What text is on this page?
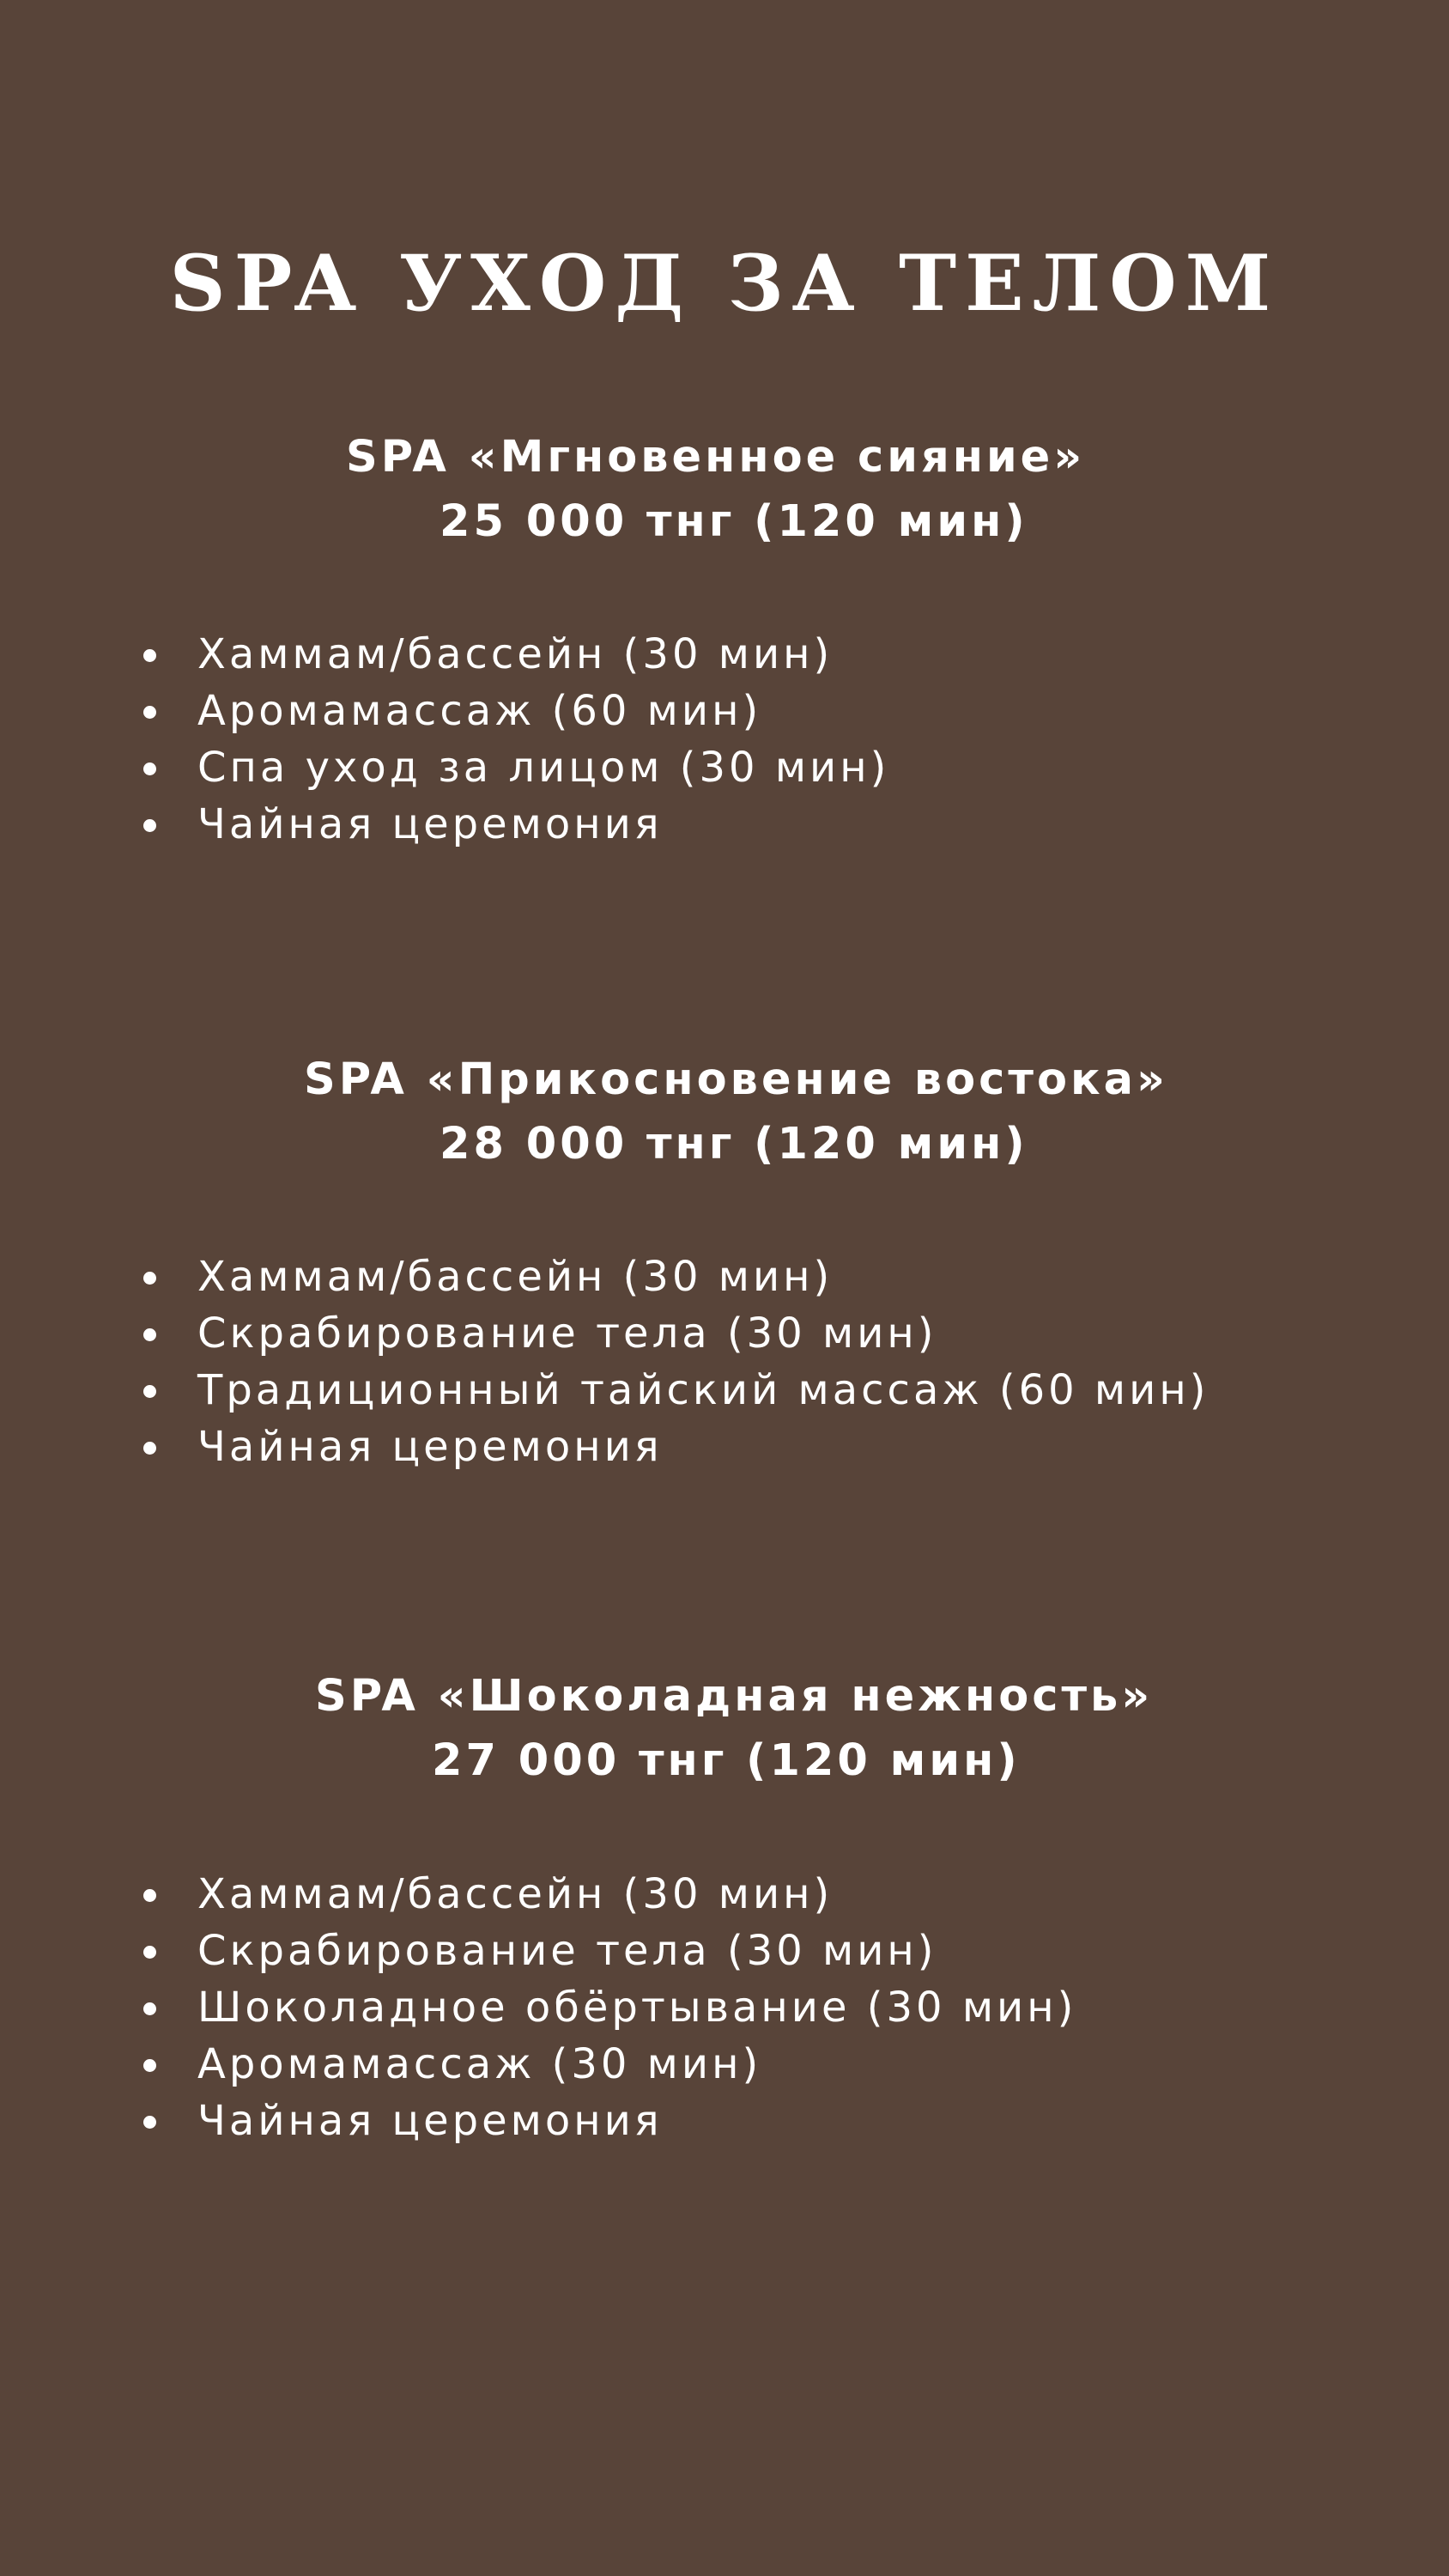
SPA УХОД ЗА ТЕЛОМ
SPA «Мгновенное сияние»
25 000 тнг (120 мин)
Хаммам/бассейн (30 мин)
Аромамассаж (60 мин)
Спа уход за лицом (30 мин)
Чайная церемония
SPA «Прикосновение востока»
28 000 тнг (120 мин)
Хаммам/бассейн (30 мин)
Скрабирование тела (30 мин)
Традиционный тайский массаж (60 мин)
Чайная церемония
SPA «Шоколадная нежность»
27 000 тнг (120 мин)
Хаммам/бассейн (30 мин)
Скрабирование тела (30 мин)
Шоколадное обёртывание (30 мин)
Аромамассаж (30 мин)
Чайная церемония
